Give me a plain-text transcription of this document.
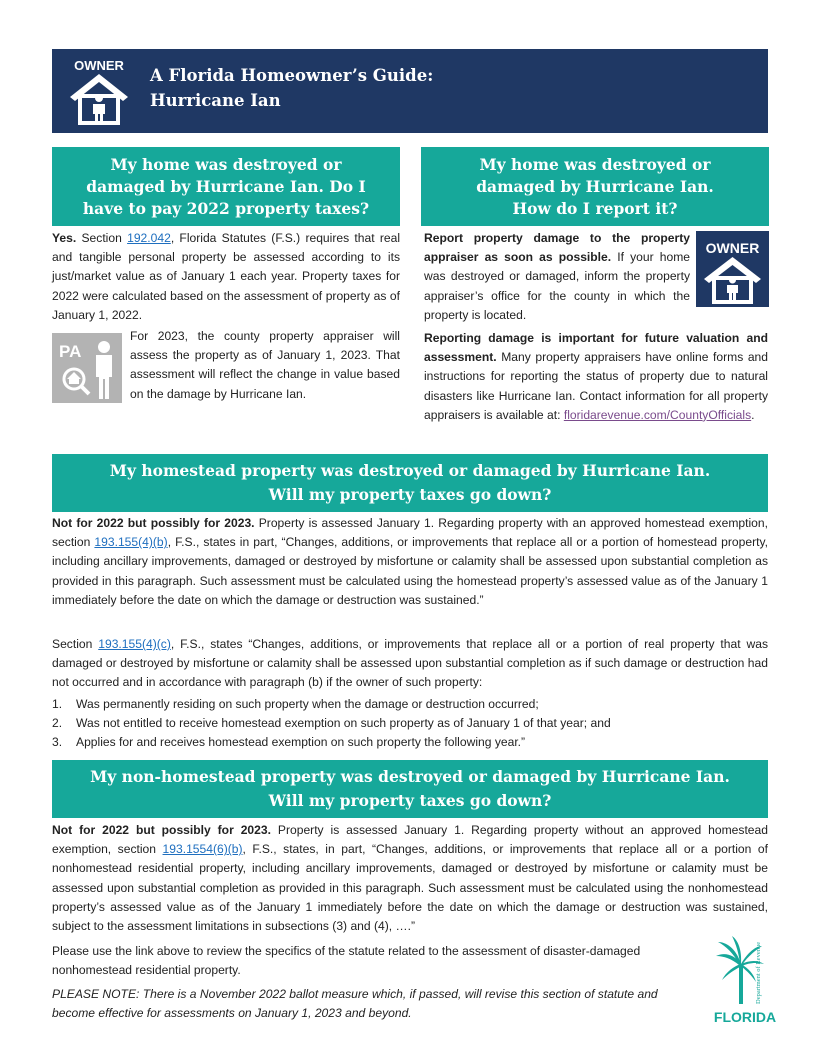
OWNER
A Florida Homeowner’s Guide:
Hurricane Ian
My home was destroyed or
damaged by Hurricane Ian. Do I
have to pay 2022 property taxes?
Yes. Section 192.042, Florida Statutes (F.S.) requires that real and tangible personal property be assessed according to its just/market value as of January 1 each year. Property taxes for 2022 were calculated based on the assessment of property as of January 1, 2022.
PA
For 2023, the county property appraiser will assess the property as of January 1, 2023. That assessment will reflect the change in value based on the damage by Hurricane Ian.
My home was destroyed or
damaged by Hurricane Ian.
How do I report it?
Report property damage to the property appraiser as soon as possible. If your home was destroyed or damaged, inform the property appraiser’s office for the county in which the property is located.
OWNER
Reporting damage is important for future valuation and assessment. Many property appraisers have online forms and instructions for reporting the status of property due to natural disasters like Hurricane Ian. Contact information for all property appraisers is available at: floridarevenue.com/CountyOfficials.
My homestead property was destroyed or damaged by Hurricane Ian.
Will my property taxes go down?
Not for 2022 but possibly for 2023. Property is assessed January 1. Regarding property with an approved homestead exemption, section 193.155(4)(b), F.S., states in part, “Changes, additions, or improvements that replace all or a portion of homestead property, including ancillary improvements, damaged or destroyed by misfortune or calamity shall be assessed upon substantial completion as provided in this paragraph. Such assessment must be calculated using the homestead property’s assessed value as of the January 1 immediately before the date on which the damage or destruction was sustained.”
Section 193.155(4)(c), F.S., states “Changes, additions, or improvements that replace all or a portion of real property that was damaged or destroyed by misfortune or calamity shall be assessed upon substantial completion as if such damage or destruction had not occurred and in accordance with paragraph (b) if the owner of such property:
1.	Was permanently residing on such property when the damage or destruction occurred;
2.	Was not entitled to receive homestead exemption on such property as of January 1 of that year; and
3.	Applies for and receives homestead exemption on such property the following year.”
My non-homestead property was destroyed or damaged by Hurricane Ian.
Will my property taxes go down?
Not for 2022 but possibly for 2023. Property is assessed January 1. Regarding property without an approved homestead exemption, section 193.1554(6)(b), F.S., states, in part, “Changes, additions, or improvements that replace all or a portion of nonhomestead residential property, including ancillary improvements, damaged or destroyed by misfortune or calamity must be assessed upon substantial completion as provided in this paragraph. Such assessment must be calculated using the nonhomestead property’s assessed value as of the January 1 immediately before the date on which the damage or destruction was sustained, subject to the assessment limitations in subsections (3) and (4), ….”
Please use the link above to review the specifics of the statute related to the assessment of disaster-damaged nonhomestead residential property.
PLEASE NOTE: There is a November 2022 ballot measure which, if passed, will revise this section of statute and become effective for assessments on January 1, 2023 and beyond.
Department of Revenue
FLORIDA
